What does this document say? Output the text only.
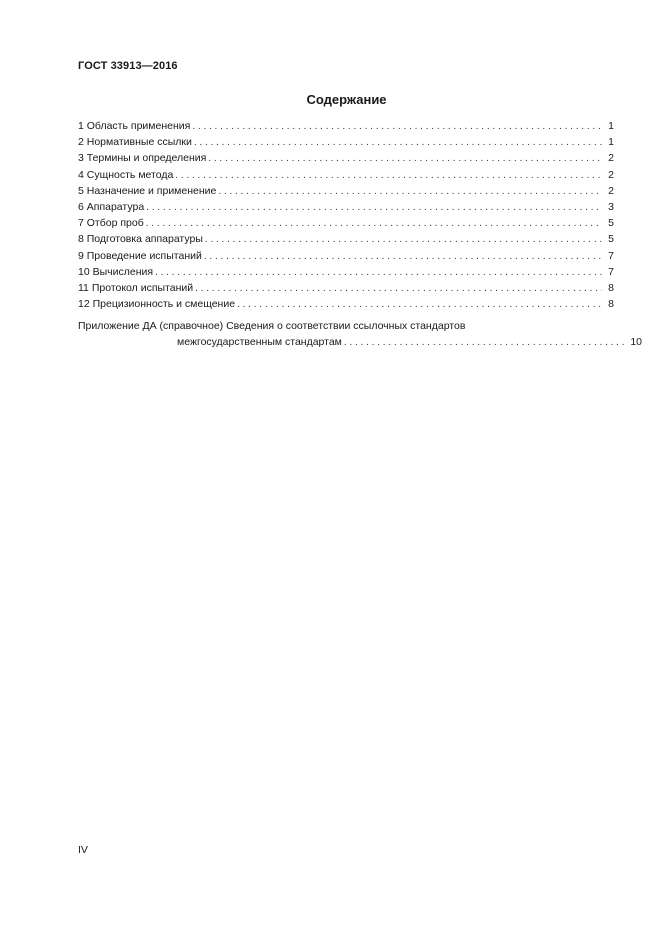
ГОСТ 33913—2016
Содержание
1 Область применения . . .	1
2 Нормативные ссылки . . .	1
3 Термины и определения . . .	2
4 Сущность метода . . .	2
5 Назначение и применение . . .	2
6 Аппаратура . . .	3
7 Отбор проб . . .	5
8 Подготовка аппаратуры . . .	5
9 Проведение испытаний . . .	7
10 Вычисления . . .	7
11 Протокол испытаний . . .	8
12 Прецизионность и смещение . . .	8
Приложение ДА (справочное) Сведения о соответствии ссылочных стандартов
межгосударственным стандартам . . .	10
IV
